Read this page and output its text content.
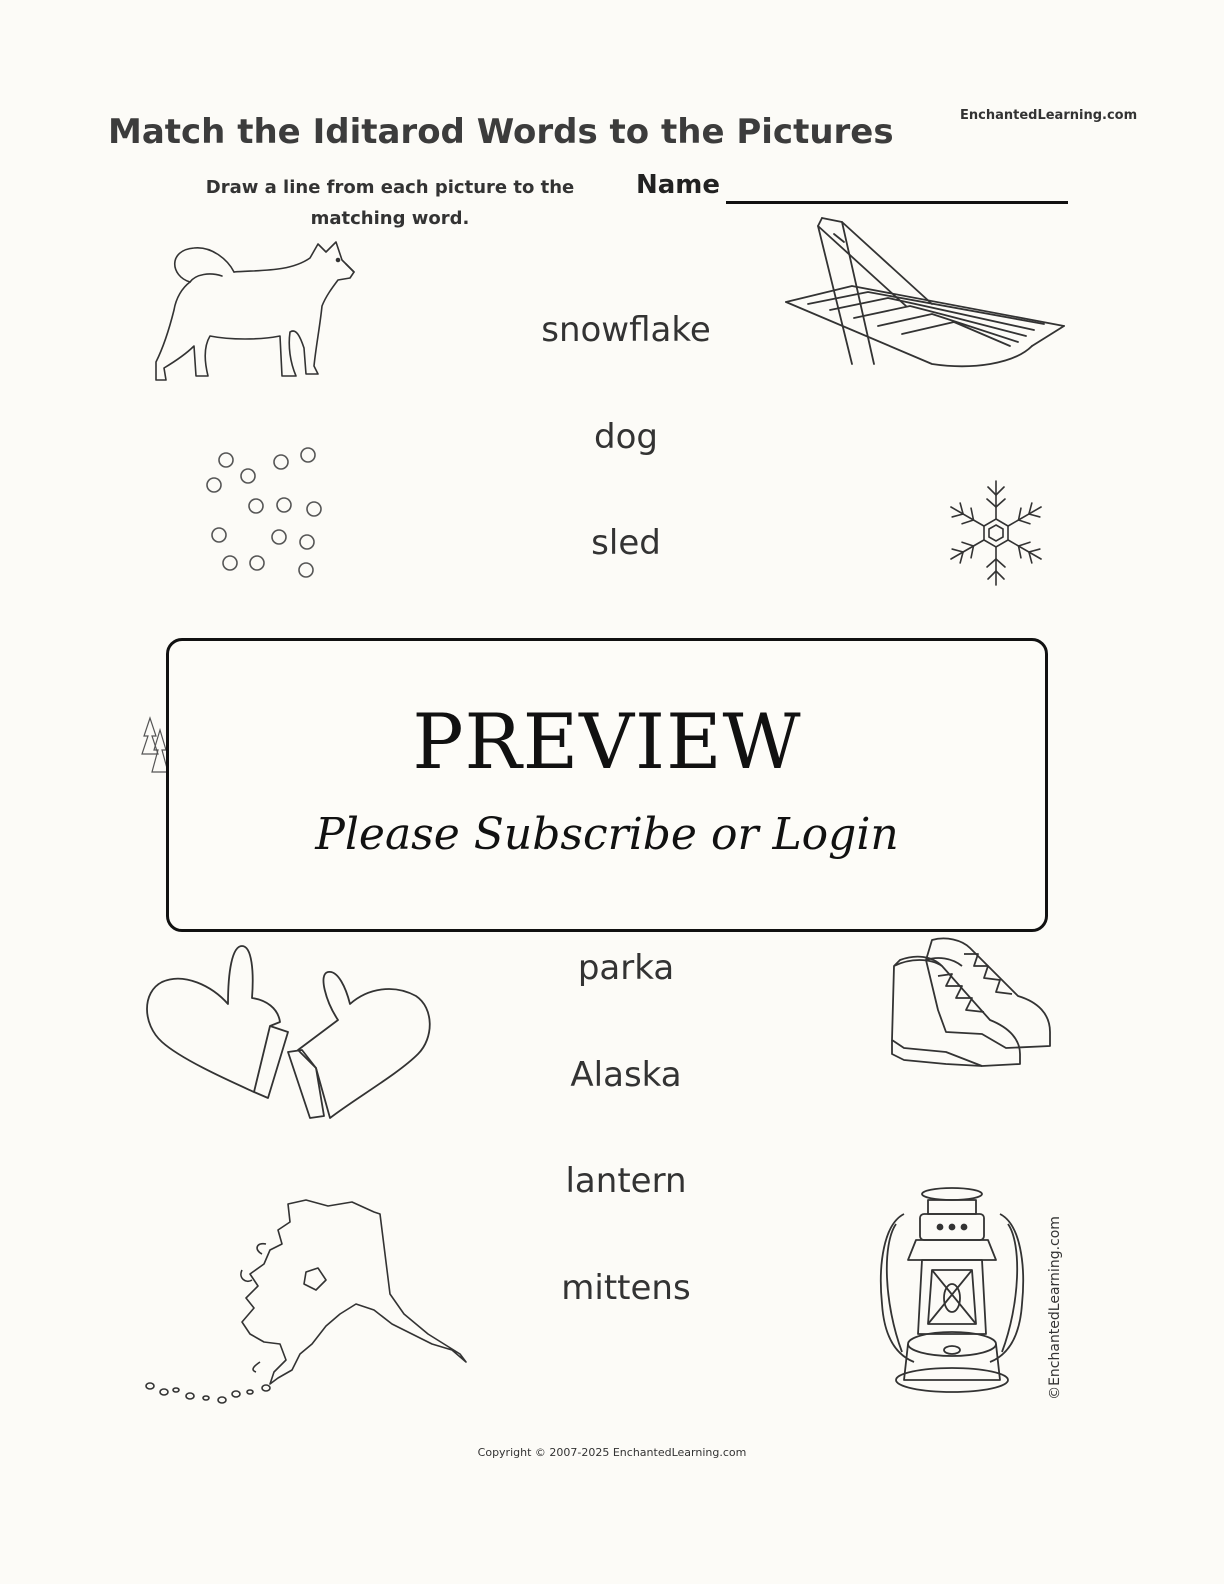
Match the Iditarod Words to the Pictures	EnchantedLearning.com
Draw a line from each picture to the matching word.
Name
snowflake
dog
sled
parka
Alaska
lantern
mittens
PREVIEW
Please Subscribe or Login
©EnchantedLearning.com
Copyright © 2007-2025 EnchantedLearning.com
